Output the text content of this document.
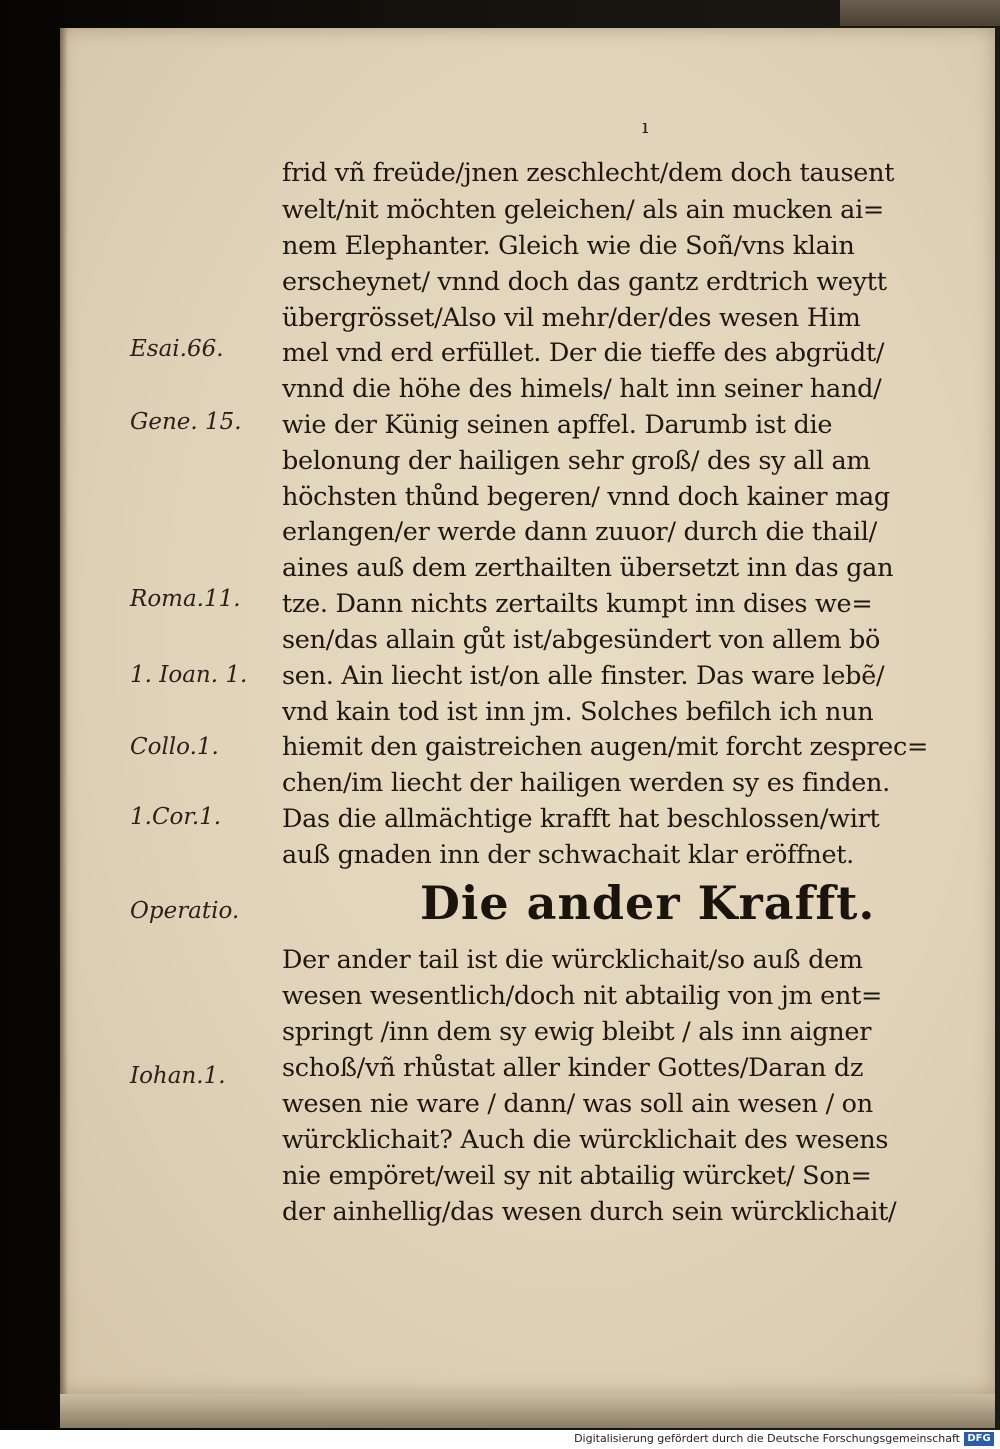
ı
frid vñ freüde/jnen zeschlecht/dem doch tausent
welt/nit möchten geleichen/ als ain mucken ai=
nem Elephanter. Gleich wie die Soñ/vns klain
erscheynet/ vnnd doch das gantz erdtrich weytt
übergrösset/Also vil mehr/der/des wesen Him
mel vnd erd erfüllet. Der die tieffe des abgrüdt/
vnnd die höhe des himels/ halt inn seiner hand/
wie der Künig seinen apffel. Darumb ist die
belonung der hailigen sehr groß/ des sy all am
höchsten thůnd begeren/ vnnd doch kainer mag
erlangen/er werde dann zuuor/ durch die thail/
aines auß dem zerthailten übersetzt inn das gan
tze. Dann nichts zertailts kumpt inn dises we=
sen/das allain gůt ist/abgesündert von allem bö
sen. Ain liecht ist/on alle finster. Das ware lebẽ/
vnd kain tod ist inn jm. Solches befilch ich nun
hiemit den gaistreichen augen/mit forcht zesprec=
chen/im liecht der hailigen werden sy es finden.
Das die allmächtige krafft hat beschlossen/wirt
auß gnaden inn der schwachait klar eröffnet.
Die ander Krafft.
Der ander tail ist die würcklichait/so auß dem
wesen wesentlich/doch nit abtailig von jm ent=
springt /inn dem sy ewig bleibt / als inn aigner
schoß/vñ rhůstat aller kinder Gottes/Daran dz
wesen nie ware / dann/ was soll ain wesen / on
würcklichait? Auch die würcklichait des wesens
nie empöret/weil sy nit abtailig würcket/ Son=
der ainhellig/das wesen durch sein würcklichait/
Esai.66.
Gene. 15.
Roma.11.
1. Ioan. 1.
Collo.1.
1.Cor.1.
Operatio.
Iohan.1.
Digitalisierung gefördert durch die Deutsche Forschungsgemeinschaft DFG
